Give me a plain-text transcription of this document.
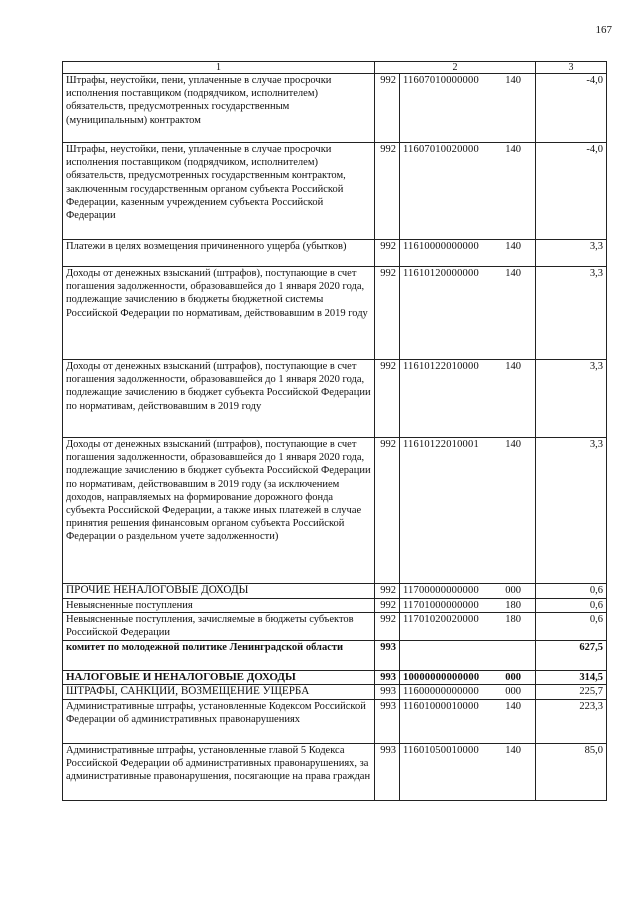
167
1	2		3
Штрафы, неустойки, пени, уплаченные в случае просрочки исполнения поставщиком (подрядчиком, исполнителем) обязательств, предусмотренных государственным (муниципальным) контрактом	992	11607010000000 140	-4,0
Штрафы, неустойки, пени, уплаченные в случае просрочки исполнения поставщиком (подрядчиком, исполнителем) обязательств, предусмотренных государственным контрактом, заключенным государственным органом субъекта Российской Федерации, казенным учреждением субъекта Российской Федерации	992	11607010020000 140	-4,0
Платежи в целях возмещения причиненного ущерба (убытков)	992	11610000000000 140	3,3
Доходы от денежных взысканий (штрафов), поступающие в счет погашения задолженности, образовавшейся до 1 января 2020 года, подлежащие зачислению в бюджеты бюджетной системы Российской Федерации по нормативам, действовавшим в 2019 году	992	11610120000000 140	3,3
Доходы от денежных взысканий (штрафов), поступающие в счет погашения задолженности, образовавшейся до 1 января 2020 года, подлежащие зачислению в бюджет субъекта Российской Федерации по нормативам, действовавшим в 2019 году	992	11610122010000 140	3,3
Доходы от денежных взысканий (штрафов), поступающие в счет погашения задолженности, образовавшейся до 1 января 2020 года, подлежащие зачислению в бюджет субъекта Российской Федерации по нормативам, действовавшим в 2019 году (за исключением доходов, направляемых на формирование дорожного фонда субъекта Российской Федерации, а также иных платежей в случае принятия решения финансовым органом субъекта Российской Федерации о раздельном учете задолженности)	992	11610122010001 140	3,3
ПРОЧИЕ НЕНАЛОГОВЫЕ ДОХОДЫ	992	11700000000000 000	0,6
Невыясненные поступления	992	11701000000000 180	0,6
Невыясненные поступления, зачисляемые в бюджеты субъектов Российской Федерации	992	11701020020000 180	0,6
комитет по молодежной политике Ленинградской области	993		627,5
НАЛОГОВЫЕ И НЕНАЛОГОВЫЕ ДОХОДЫ	993	10000000000000 000	314,5
ШТРАФЫ, САНКЦИИ, ВОЗМЕЩЕНИЕ УЩЕРБА	993	11600000000000 000	225,7
Административные штрафы, установленные Кодексом Российской Федерации об административных правонарушениях	993	11601000010000 140	223,3
Административные штрафы, установленные главой 5 Кодекса Российской Федерации об административных правонарушениях, за административные правонарушения, посягающие на права граждан	993	11601050010000 140	85,0
